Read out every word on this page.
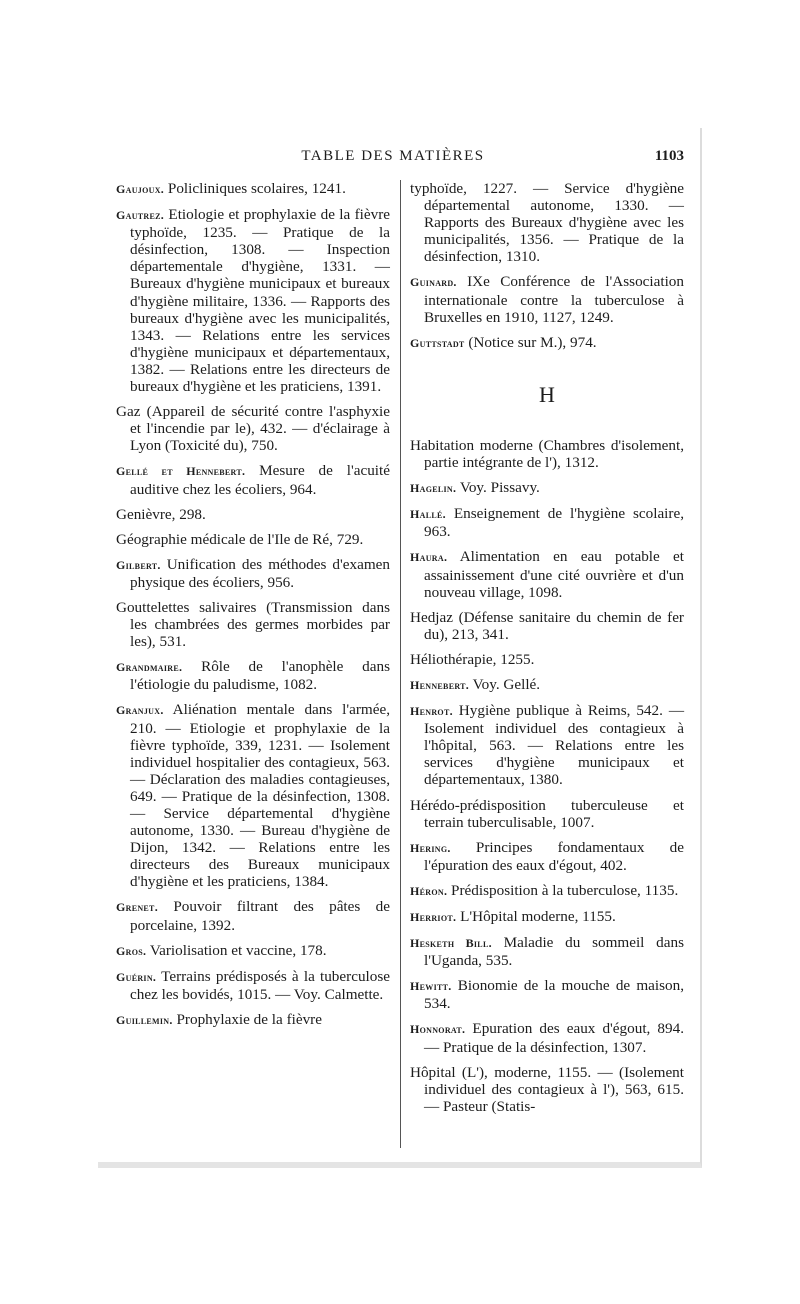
TABLE DES MATIÈRES	1103
Gaujoux. Policliniques scolaires, 1241.
Gautrez. Etiologie et prophylaxie de la fièvre typhoïde, 1235. — Pratique de la désinfection, 1308. — Inspection départementale d'hygiène, 1331. — Bureaux d'hygiène municipaux et bureaux d'hygiène militaire, 1336. — Rapports des bureaux d'hygiène avec les municipalités, 1343. — Relations entre les services d'hygiène municipaux et départementaux, 1382. — Relations entre les directeurs de bureaux d'hygiène et les praticiens, 1391.
Gaz (Appareil de sécurité contre l'asphyxie et l'incendie par le), 432. — d'éclairage à Lyon (Toxicité du), 750.
Gellé et Hennebert. Mesure de l'acuité auditive chez les écoliers, 964.
Genièvre, 298.
Géographie médicale de l'Ile de Ré, 729.
Gilbert. Unification des méthodes d'examen physique des écoliers, 956.
Gouttelettes salivaires (Transmission dans les chambrées des germes morbides par les), 531.
Grandmaire. Rôle de l'anophèle dans l'étiologie du paludisme, 1082.
Granjux. Aliénation mentale dans l'armée, 210. — Etiologie et prophylaxie de la fièvre typhoïde, 339, 1231. — Isolement individuel hospitalier des contagieux, 563. — Déclaration des maladies contagieuses, 649. — Pratique de la désinfection, 1308. — Service départemental d'hygiène autonome, 1330. — Bureau d'hygiène de Dijon, 1342. — Relations entre les directeurs des Bureaux municipaux d'hygiène et les praticiens, 1384.
Grenet. Pouvoir filtrant des pâtes de porcelaine, 1392.
Gros. Variolisation et vaccine, 178.
Guérin. Terrains prédisposés à la tuberculose chez les bovidés, 1015. — Voy. Calmette.
Guillemin. Prophylaxie de la fièvre
typhoïde, 1227. — Service d'hygiène départemental autonome, 1330. — Rapports des Bureaux d'hygiène avec les municipalités, 1356. — Pratique de la désinfection, 1310.
Guinard. IXe Conférence de l'Association internationale contre la tuberculose à Bruxelles en 1910, 1127, 1249.
Guttstadt (Notice sur M.), 974.
H
Habitation moderne (Chambres d'isolement, partie intégrante de l'), 1312.
Hagelin. Voy. Pissavy.
Hallé. Enseignement de l'hygiène scolaire, 963.
Haura. Alimentation en eau potable et assainissement d'une cité ouvrière et d'un nouveau village, 1098.
Hedjaz (Défense sanitaire du chemin de fer du), 213, 341.
Héliothérapie, 1255.
Hennebert. Voy. Gellé.
Henrot. Hygiène publique à Reims, 542. — Isolement individuel des contagieux à l'hôpital, 563. — Relations entre les services d'hygiène municipaux et départementaux, 1380.
Hérédo-prédisposition tuberculeuse et terrain tuberculisable, 1007.
Hering. Principes fondamentaux de l'épuration des eaux d'égout, 402.
Héron. Prédisposition à la tuberculose, 1135.
Herriot. L'Hôpital moderne, 1155.
Hesketh Bill. Maladie du sommeil dans l'Uganda, 535.
Hewitt. Bionomie de la mouche de maison, 534.
Honnorat. Epuration des eaux d'égout, 894. — Pratique de la désinfection, 1307.
Hôpital (L'), moderne, 1155. — (Isolement individuel des contagieux à l'), 563, 615. — Pasteur (Statis-
